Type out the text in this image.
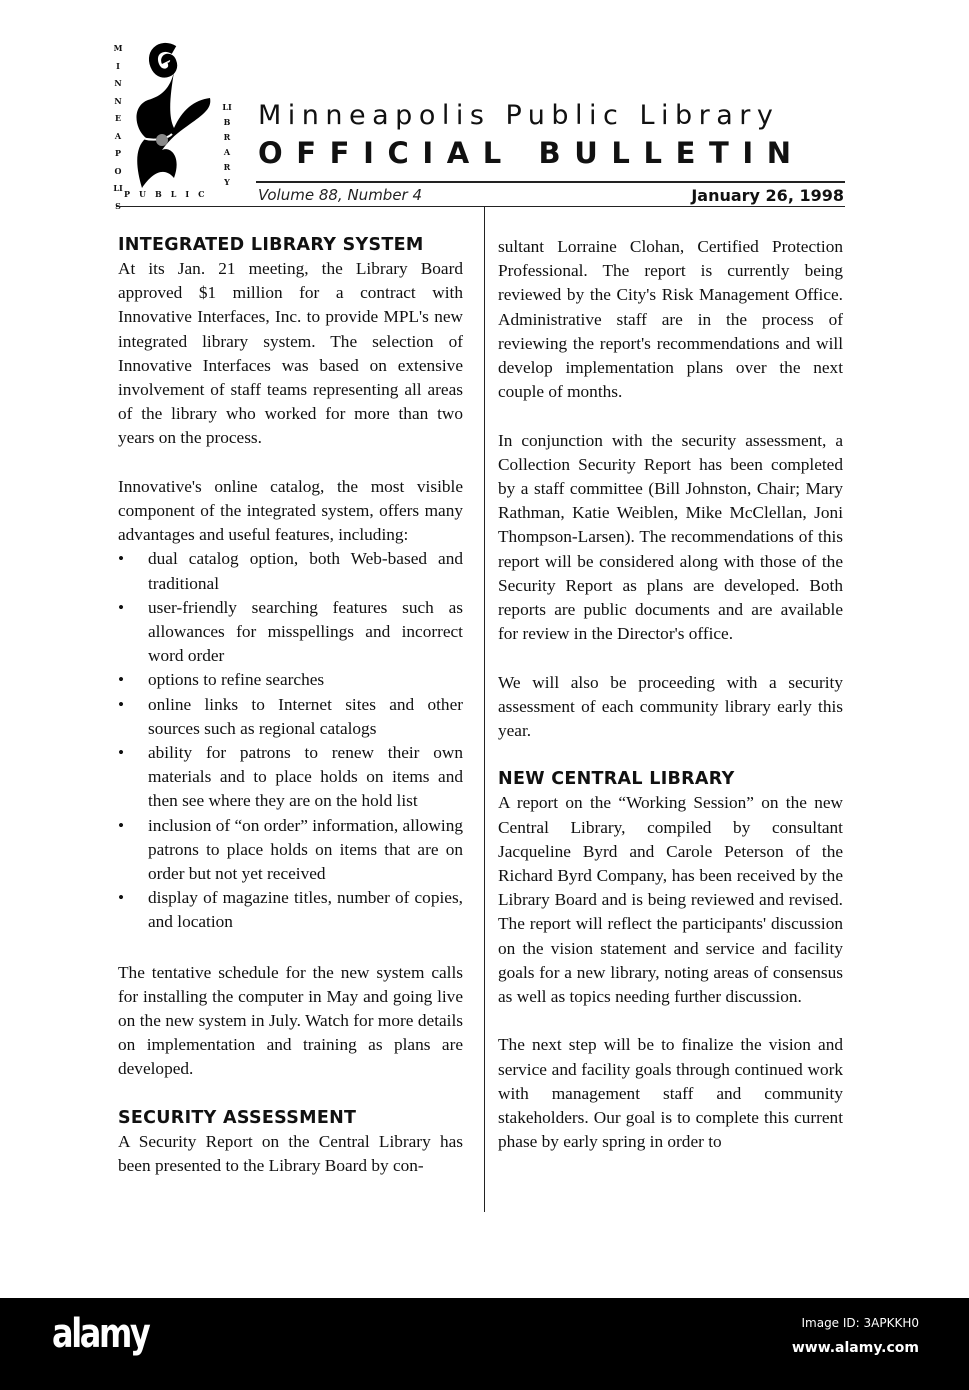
MINNEAPOLI
LIBRARY
PUBLIC
Minneapolis Public Library
OFFICIAL BULLETIN
Volume 88, Number 4	January 26, 1998
INTEGRATED LIBRARY SYSTEM

At its Jan. 21 meeting, the Library Board approved $1 million for a contract with Innovative Interfaces, Inc. to provide MPL's new integrated library system. The selection of Innovative Interfaces was based on extensive involvement of staff teams representing all areas of the library who worked for more than two years on the process.

Innovative's online catalog, the most visible component of the integrated system, offers many advantages and useful features, including:

• dual catalog option, both Web-based and traditional
• user-friendly searching features such as allowances for misspellings and incorrect word order
• options to refine searches
• online links to Internet sites and other sources such as regional catalogs
• ability for patrons to renew their own materials and to place holds on items and then see where they are on the hold list
• inclusion of “on order” information, allowing patrons to place holds on items that are on order but not yet received
• display of magazine titles, number of copies, and location

The tentative schedule for the new system calls for installing the computer in May and going live on the new system in July. Watch for more details on implementation and training as plans are developed.

SECURITY ASSESSMENT

A Security Report on the Central Library has been presented to the Library Board by con-

sultant Lorraine Clohan, Certified Protection Professional. The report is currently being reviewed by the City's Risk Management Office. Administrative staff are in the process of reviewing the report's recommendations and will develop implementation plans over the next couple of months.

In conjunction with the security assessment, a Collection Security Report has been completed by a staff committee (Bill Johnston, Chair; Mary Rathman, Katie Weiblen, Mike McClellan, Joni Thompson-Larsen). The recommendations of this report will be considered along with those of the Security Report as plans are developed. Both reports are public documents and are available for review in the Director's office.

We will also be proceeding with a security assessment of each community library early this year.

NEW CENTRAL LIBRARY

A report on the “Working Session” on the new Central Library, compiled by consultant Jacqueline Byrd and Carole Peterson of the Richard Byrd Company, has been received by the Library Board and is being reviewed and revised. The report will reflect the participants' discussion on the vision statement and service and facility goals for a new library, noting areas of consensus as well as topics needing further discussion.

The next step will be to finalize the vision and service and facility goals through continued work with management staff and community stakeholders. Our goal is to complete this current phase by early spring in order to

alamy	Image ID: 3APKKH0
www.alamy.com
